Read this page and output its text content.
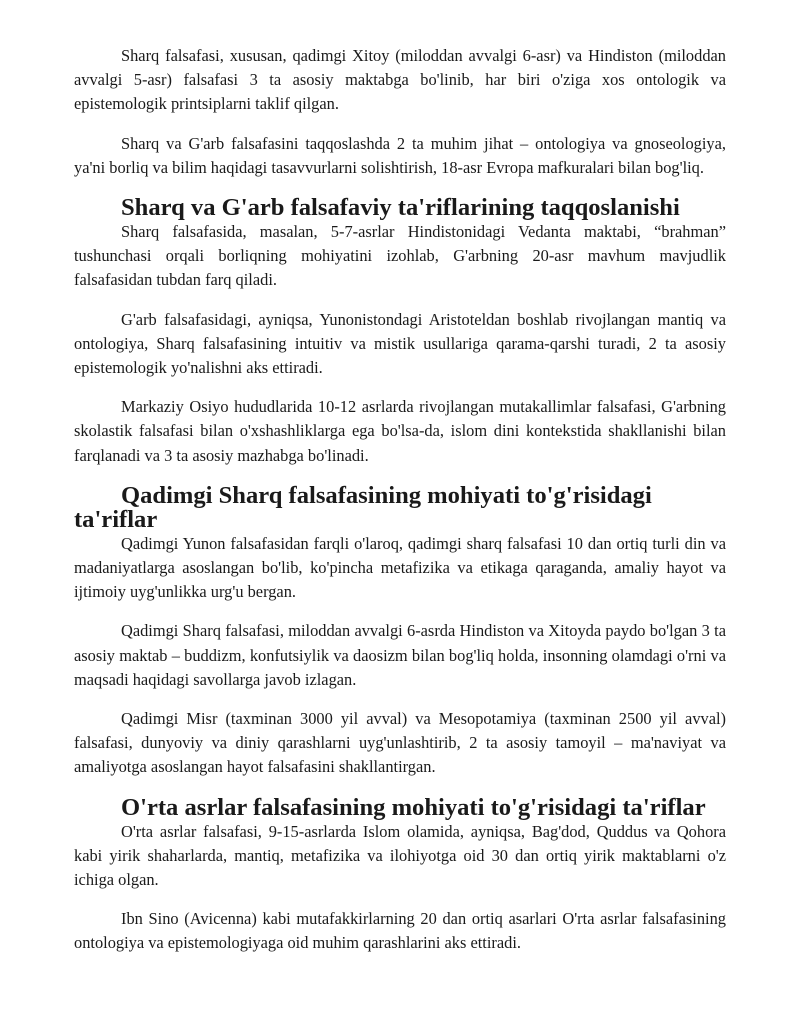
Sharq falsafasi, xususan, qadimgi Xitoy (miloddan avvalgi 6-asr) va Hindiston (miloddan avvalgi 5-asr) falsafasi 3 ta asosiy maktabga bo'linib, har biri o'ziga xos ontologik va epistemologik printsiplarni taklif qilgan.

Sharq va G'arb falsafasini taqqoslashda 2 ta muhim jihat – ontologiya va gnoseologiya, ya'ni borliq va bilim haqidagi tasavvurlarni solishtirish, 18-asr Evropa mafkuralari bilan bog'liq.

Sharq va G'arb falsafaviy ta'riflarining taqqoslanishi

Sharq falsafasida, masalan, 5-7-asrlar Hindistonidagi Vedanta maktabi, “brahman” tushunchasi orqali borliqning mohiyatini izohlab, G'arbning 20-asr mavhum mavjudlik falsafasidan tubdan farq qiladi.

G'arb falsafasidagi, ayniqsa, Yunonistondagi Aristoteldan boshlab rivojlangan mantiq va ontologiya, Sharq falsafasining intuitiv va mistik usullariga qarama-qarshi turadi, 2 ta asosiy epistemologik yo'nalishni aks ettiradi.

Markaziy Osiyo hududlarida 10-12 asrlarda rivojlangan mutakallimlar falsafasi, G'arbning skolastik falsafasi bilan o'xshashliklarga ega bo'lsa-da, islom dini kontekstida shakllanishi bilan farqlanadi va 3 ta asosiy mazhabga bo'linadi.

Qadimgi Sharq falsafasining mohiyati to'g'risidagi ta'riflar

Qadimgi Yunon falsafasidan farqli o'laroq, qadimgi sharq falsafasi 10 dan ortiq turli din va madaniyatlarga asoslangan bo'lib, ko'pincha metafizika va etikaga qaraganda, amaliy hayot va ijtimoiy uyg'unlikka urg'u bergan.

Qadimgi Sharq falsafasi, miloddan avvalgi 6-asrda Hindiston va Xitoyda paydo bo'lgan 3 ta asosiy maktab – buddizm, konfutsiylik va daosizm bilan bog'liq holda, insonning olamdagi o'rni va maqsadi haqidagi savollarga javob izlagan.

Qadimgi Misr (taxminan 3000 yil avval) va Mesopotamiya (taxminan 2500 yil avval) falsafasi, dunyoviy va diniy qarashlarni uyg'unlashtirib, 2 ta asosiy tamoyil – ma'naviyat va amaliyotga asoslangan hayot falsafasini shakllantirgan.

O'rta asrlar falsafasining mohiyati to'g'risidagi ta'riflar

O'rta asrlar falsafasi, 9-15-asrlarda Islom olamida, ayniqsa, Bag'dod, Quddus va Qohora kabi yirik shaharlarda, mantiq, metafizika va ilohiyotga oid 30 dan ortiq yirik maktablarni o'z ichiga olgan.

Ibn Sino (Avicenna) kabi mutafakkirlarning 20 dan ortiq asarlari O'rta asrlar falsafasining ontologiya va epistemologiyaga oid muhim qarashlarini aks ettiradi.
